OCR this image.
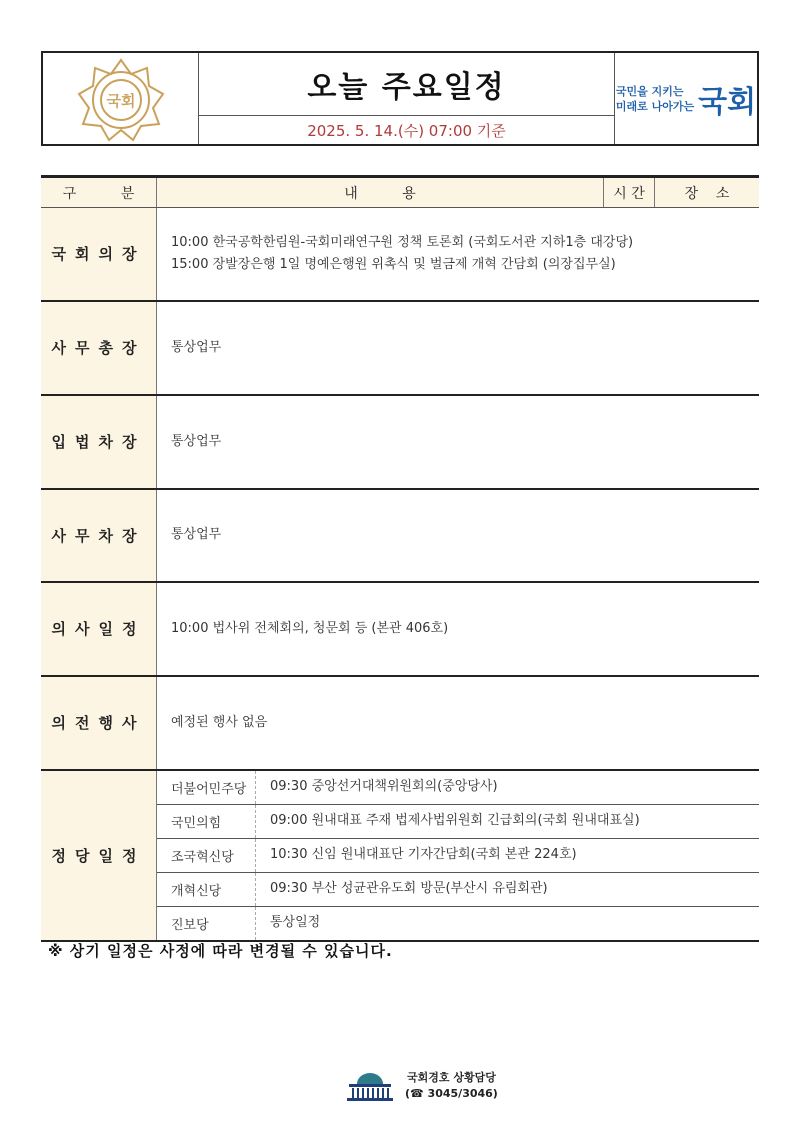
국회	오늘 주요일정
2025. 5. 14.(수) 07:00 기준
국민을 지키는
미래로 나아가는 국회
구          분	내          용		시 간	장    소
국회의장	10:00 한국공학한림원-국회미래연구원 정책 토론회 (국회도서관 지하1층 대강당)
15:00 장발장은행 1일 명예은행원 위촉식 및 벌금제 개혁 간담회 (의장집무실)			

사무총장	통상업무			
입법차장	통상업무			
사무차장	통상업무			
의사일정	10:00 법사위 전체회의, 청문회 등 (본관 406호)			
의전행사	예정된 행사 없음			
정당일정	더불어민주당	09:30 중앙선거대책위원회의(중앙당사)		
	국민의힘	09:00 원내대표 주재 법제사법위원회 긴급회의(국회 원내대표실)		
	조국혁신당	10:30 신임 원내대표단 기자간담회(국회 본관 224호)		
	개혁신당	09:30 부산 성균관유도회 방문(부산시 유림회관)		
	진보당	통상일정		
※ 상기 일정은 사정에 따라 변경될 수 있습니다.
국회경호 상황담당
(☎ 3045/3046)
